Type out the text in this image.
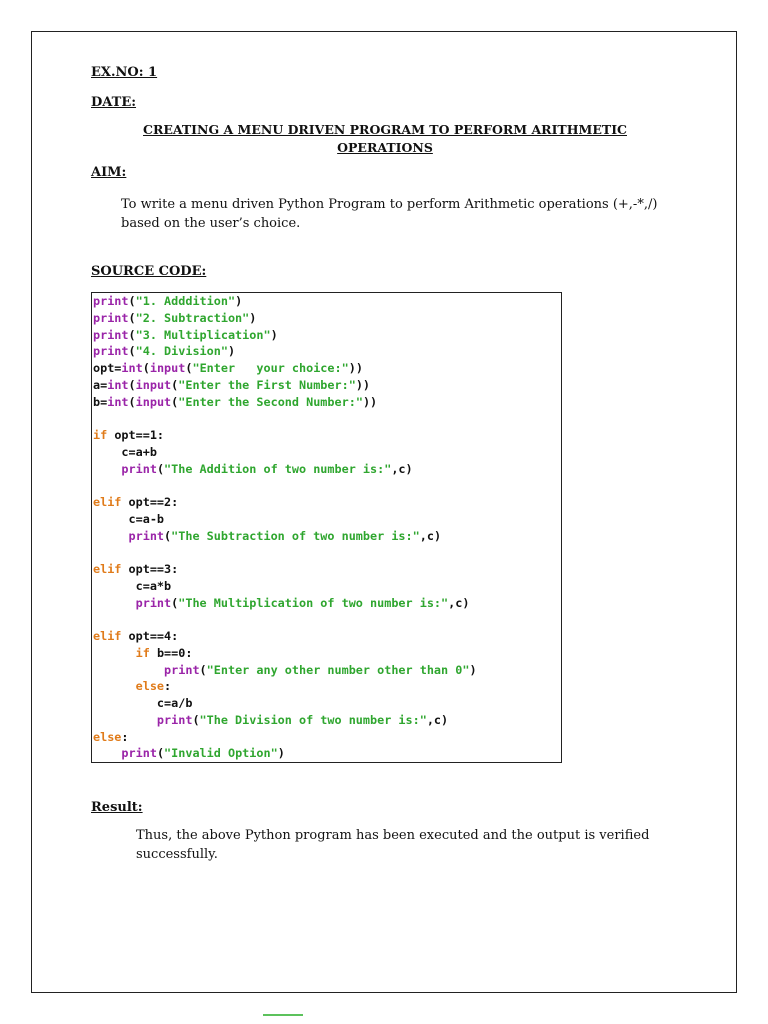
EX.NO: 1
DATE:
CREATING A MENU DRIVEN PROGRAM TO PERFORM ARITHMETIC OPERATIONS
AIM:
To write a menu driven Python Program to perform Arithmetic operations (+,-*,/) based on the user’s choice.
SOURCE CODE:
print("1. Adddition")
print("2. Subtraction")
print("3. Multiplication")
print("4. Division")
opt=int(input("Enter   your choice:"))
a=int(input("Enter the First Number:"))
b=int(input("Enter the Second Number:"))

if opt==1:
c=a+b
print("The Addition of two number is:",c)

elif opt==2:
c=a-b
print("The Subtraction of two number is:",c)

elif opt==3:
c=a*b
print("The Multiplication of two number is:",c)

elif opt==4:
if b==0:
print("Enter any other number other than 0")
else:
c=a/b
print("The Division of two number is:",c)
else:
print("Invalid Option")
Result:
Thus, the above Python program has been executed and the output is verified successfully.
